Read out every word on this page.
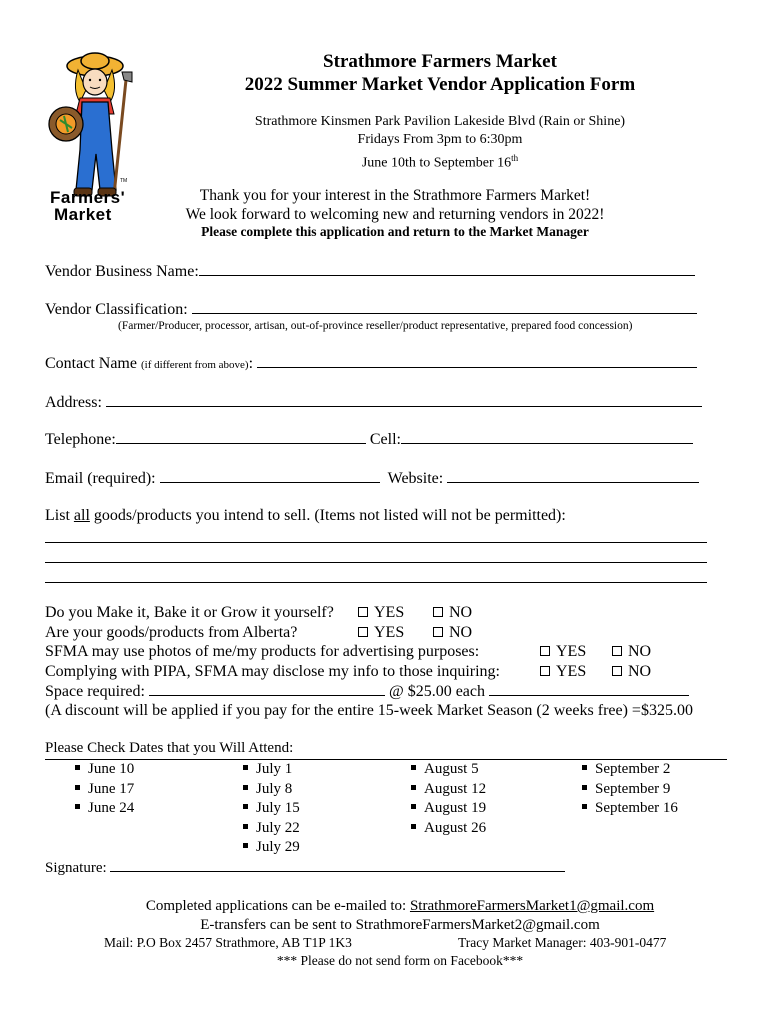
TM
Farmers'
Market
Strathmore Farmers Market
2022 Summer Market Vendor Application Form
Strathmore Kinsmen Park Pavilion Lakeside Blvd (Rain or Shine)
Fridays From 3pm to 6:30pm
June 10th to September 16th
Thank you for your interest in the Strathmore Farmers Market!
We look forward to welcoming new and returning vendors in 2022!
Please complete this application and return to the Market Manager
Vendor Business Name:
Vendor Classification:
(Farmer/Producer, processor, artisan, out-of-province reseller/product representative, prepared food concession)
Contact Name (if different from above):
Address:
Telephone:	Cell:
Email (required):	Website:
List all goods/products you intend to sell. (Items not listed will not be permitted):
Do you Make it, Bake it or Grow it yourself?	YES	NO
Are your goods/products from Alberta?	YES	NO
SFMA may use photos of me/my products for advertising purposes:	YES	NO
Complying with PIPA, SFMA may disclose my info to those inquiring:	YES	NO
Space required:	@ $25.00 each
(A discount will be applied if you pay for the entire 15-week Market Season (2 weeks free) =$325.00
Please Check Dates that you Will Attend:
June 10
June 17
June 24
July 1
July 8
July 15
July 22
July 29
August 5
August 12
August 19
August 26
September 2
September 9
September 16
Signature:
Completed applications can be e-mailed to: StrathmoreFarmersMarket1@gmail.com
E-transfers can be sent to StrathmoreFarmersMarket2@gmail.com
Mail: P.O Box 2457 Strathmore, AB T1P 1K3	Tracy Market Manager: 403-901-0477
*** Please do not send form on Facebook***
